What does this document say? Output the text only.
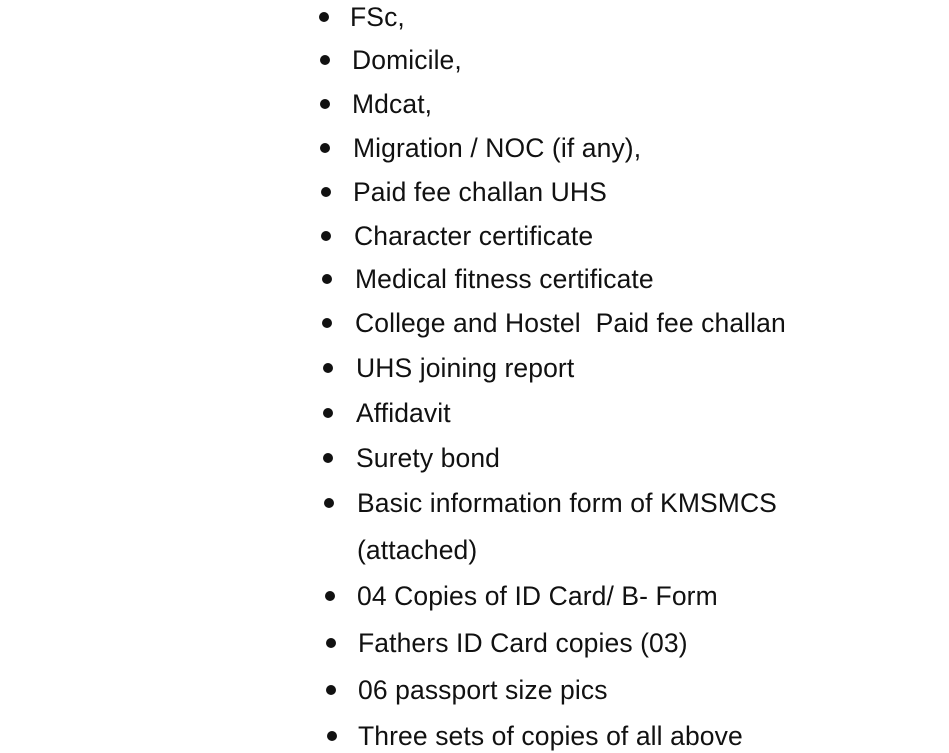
FSc,
Domicile,
Mdcat,
Migration / NOC (if any),
Paid fee challan UHS
Character certificate
Medical fitness certificate
College and Hostel  Paid fee challan
UHS joining report
Affidavit
Surety bond
Basic information form of KMSMCS
(attached)
04 Copies of ID Card/ B- Form
Fathers ID Card copies (03)
06 passport size pics
Three sets of copies of all above
